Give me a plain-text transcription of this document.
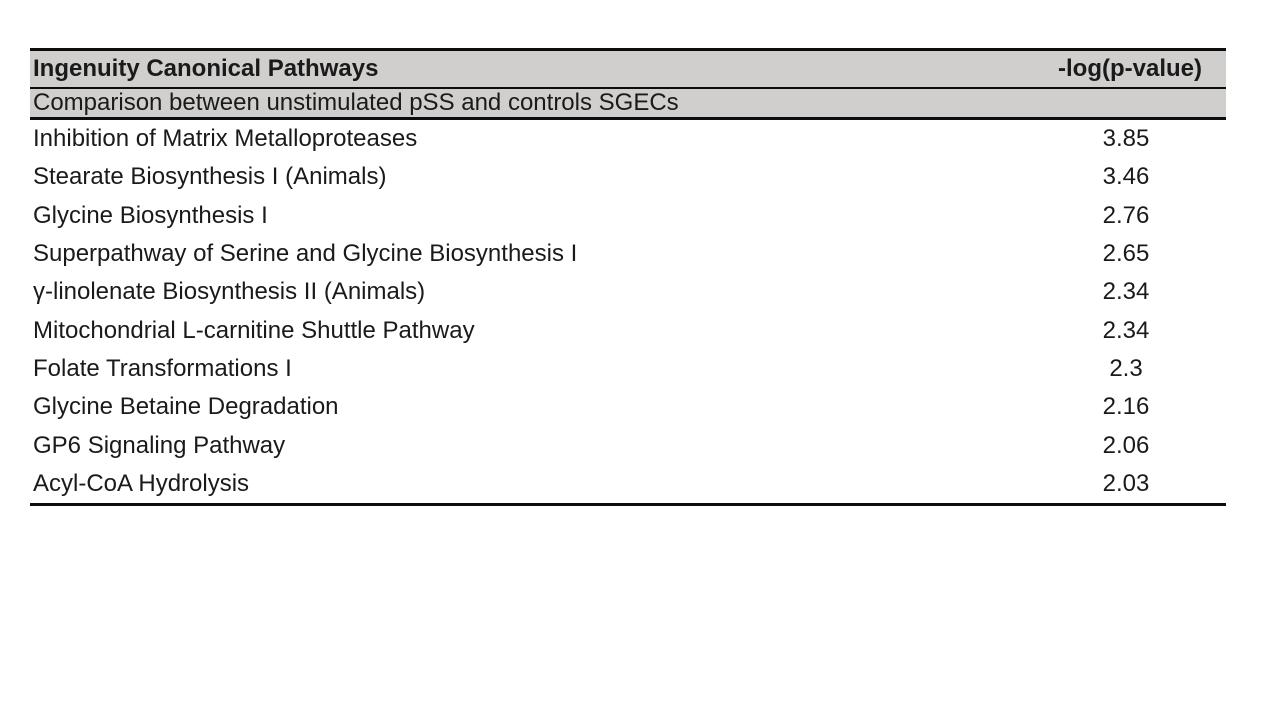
Ingenuity Canonical Pathways	-log(p-value)
Comparison between unstimulated pSS and controls SGECs
Inhibition of Matrix Metalloproteases	3.85
Stearate Biosynthesis I (Animals)	3.46
Glycine Biosynthesis I	2.76
Superpathway of Serine and Glycine Biosynthesis I	2.65
γ-linolenate Biosynthesis II (Animals)	2.34
Mitochondrial L-carnitine Shuttle Pathway	2.34
Folate Transformations I	2.3
Glycine Betaine Degradation	2.16
GP6 Signaling Pathway	2.06
Acyl-CoA Hydrolysis	2.03
